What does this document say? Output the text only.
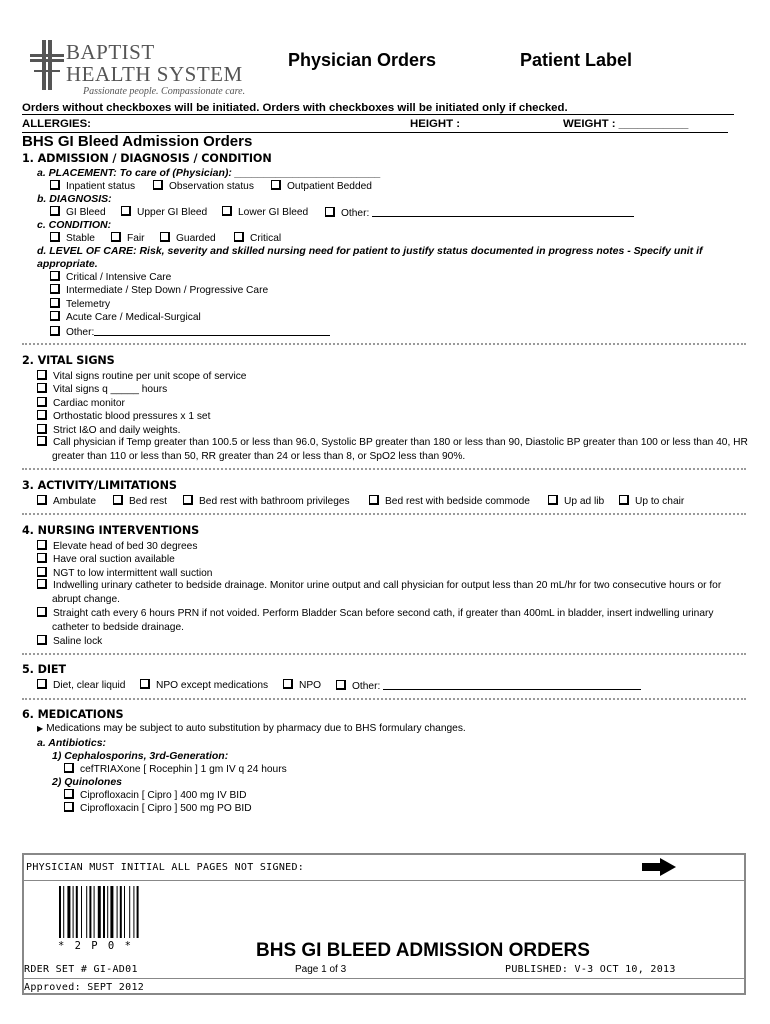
BAPTIST
HEALTH SYSTEM
Passionate people. Compassionate care.
Physician Orders	Patient Label
Orders without checkboxes will be initiated. Orders with checkboxes will be initiated only if checked.
ALLERGIES:	HEIGHT :	WEIGHT : ___________
BHS GI Bleed Admission Orders
1. ADMISSION / DIAGNOSIS / CONDITION
a. PLACEMENT: To care of (Physician): _________________________
Inpatient status	Observation status	Outpatient Bedded
b. DIAGNOSIS:
GI Bleed	Upper GI Bleed	Lower GI Bleed	Other:
c. CONDITION:
Stable	Fair	Guarded	Critical
d. LEVEL OF CARE: Risk, severity and skilled nursing need for patient to justify status documented in progress notes - Specify unit if appropriate.
Critical / Intensive Care
Intermediate / Step Down / Progressive Care
Telemetry
Acute Care / Medical-Surgical
Other:
2. VITAL SIGNS
Vital signs routine per unit scope of service
Vital signs q _____ hours
Cardiac monitor
Orthostatic blood pressures x 1 set
Strict I&O and daily weights.
Call physician if Temp greater than 100.5 or less than 96.0, Systolic BP greater than 180 or less than 90, Diastolic BP greater than 100 or less than 40, HR
greater than 110 or less than 50, RR greater than 24 or less than 8, or SpO2 less than 90%.
3. ACTIVITY/LIMITATIONS
Ambulate	Bed rest	Bed rest with bathroom privileges	Bed rest with bedside commode	Up ad lib	Up to chair
4. NURSING INTERVENTIONS
Elevate head of bed 30 degrees
Have oral suction available
NGT to low intermittent wall suction
Indwelling urinary catheter to bedside drainage. Monitor urine output and call physician for output less than 20 mL/hr for two consecutive hours or for
abrupt change.
Straight cath every 6 hours PRN if not voided. Perform Bladder Scan before second cath, if greater than 400mL in bladder, insert indwelling urinary
catheter to bedside drainage.
Saline lock
5. DIET
Diet, clear liquid	NPO except medications	NPO	Other:
6. MEDICATIONS
▶ Medications may be subject to auto substitution by pharmacy due to BHS formulary changes.
a. Antibiotics:
1) Cephalosporins, 3rd-Generation:
cefTRIAXone [ Rocephin ] 1 gm IV q 24 hours
2) Quinolones
Ciprofloxacin [ Cipro ] 400 mg IV BID
Ciprofloxacin [ Cipro ] 500 mg PO BID
PHYSICIAN MUST INITIAL ALL PAGES NOT SIGNED:
* 2 P 0 *	BHS GI BLEED ADMISSION ORDERS
RDER SET # GI-AD01	Page 1 of 3	PUBLISHED: V-3 OCT 10, 2013
Approved: SEPT 2012
